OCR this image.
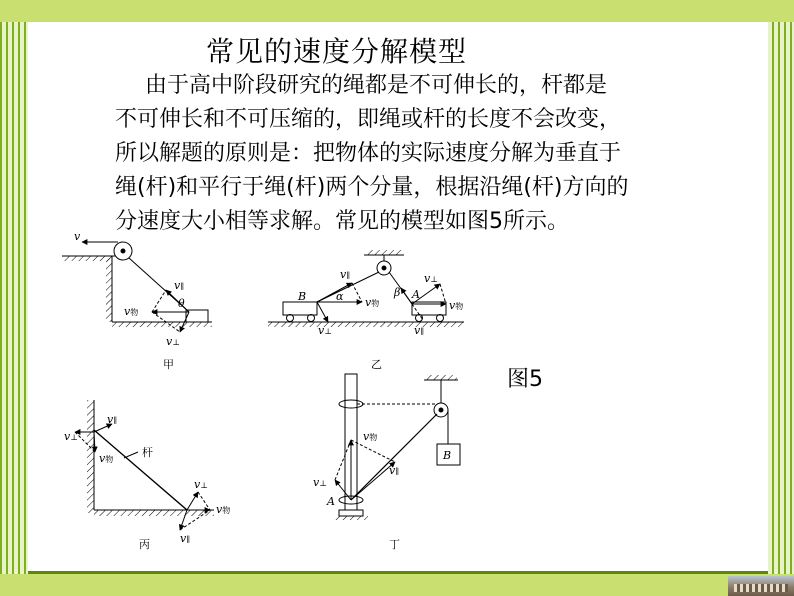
常见的速度分解模型
由于高中阶段研究的绳都是不可伸长的，杆都是
不可伸长和不可压缩的，即绳或杆的长度不会改变，
所以解题的原则是：把物体的实际速度分解为垂直于
绳(杆)和平行于绳(杆)两个分量，根据沿绳(杆)方向的
分速度大小相等求解。常见的模型如图5所示。
图5
v
v∥
θ
v物
v⊥
甲
v∥
B	α v物
v⊥
β
v⊥
A
v物
v∥
乙
v⊥
v∥
v物
杆
v⊥
v物
v∥
丙
v物
v∥
v⊥
A
B
丁
